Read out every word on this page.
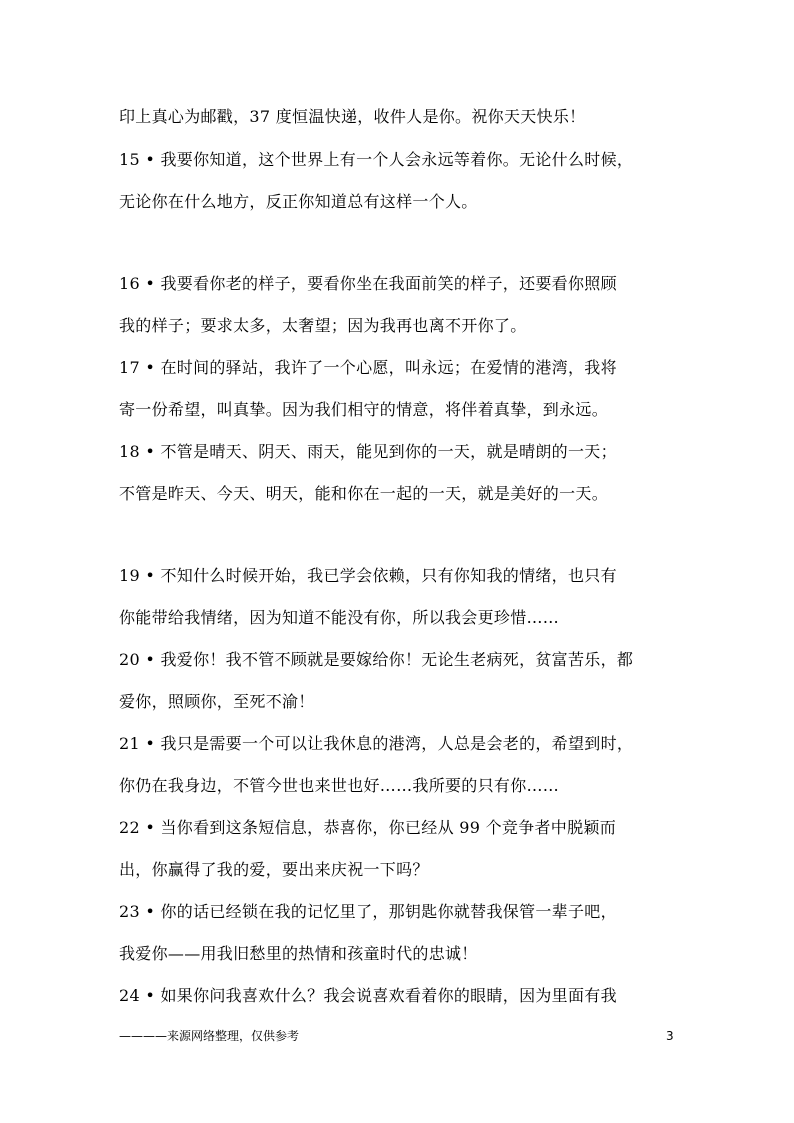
印上真心为邮戳，37 度恒温快递，收件人是你。祝你天天快乐！
15 • 我要你知道，这个世界上有一个人会永远等着你。无论什么时候，
无论你在什么地方，反正你知道总有这样一个人。
16 • 我要看你老的样子，要看你坐在我面前笑的样子，还要看你照顾
我的样子；要求太多，太奢望；因为我再也离不开你了。
17 • 在时间的驿站，我许了一个心愿，叫永远；在爱情的港湾，我将
寄一份希望，叫真挚。因为我们相守的情意，将伴着真挚，到永远。
18 • 不管是晴天、阴天、雨天，能见到你的一天，就是晴朗的一天；
不管是昨天、今天、明天，能和你在一起的一天，就是美好的一天。
19 • 不知什么时候开始，我已学会依赖，只有你知我的情绪，也只有
你能带给我情绪，因为知道不能没有你，所以我会更珍惜……
20 • 我爱你！我不管不顾就是要嫁给你！无论生老病死，贫富苦乐，都
爱你，照顾你，至死不渝！
21 • 我只是需要一个可以让我休息的港湾，人总是会老的，希望到时，
你仍在我身边，不管今世也来世也好……我所要的只有你……
22 • 当你看到这条短信息，恭喜你，你已经从 99 个竞争者中脱颖而
出，你赢得了我的爱，要出来庆祝一下吗？
23 • 你的话已经锁在我的记忆里了，那钥匙你就替我保管一辈子吧，
我爱你——用我旧愁里的热情和孩童时代的忠诚！
24 • 如果你问我喜欢什么？我会说喜欢看着你的眼睛，因为里面有我
————来源网络整理，仅供参考	3
